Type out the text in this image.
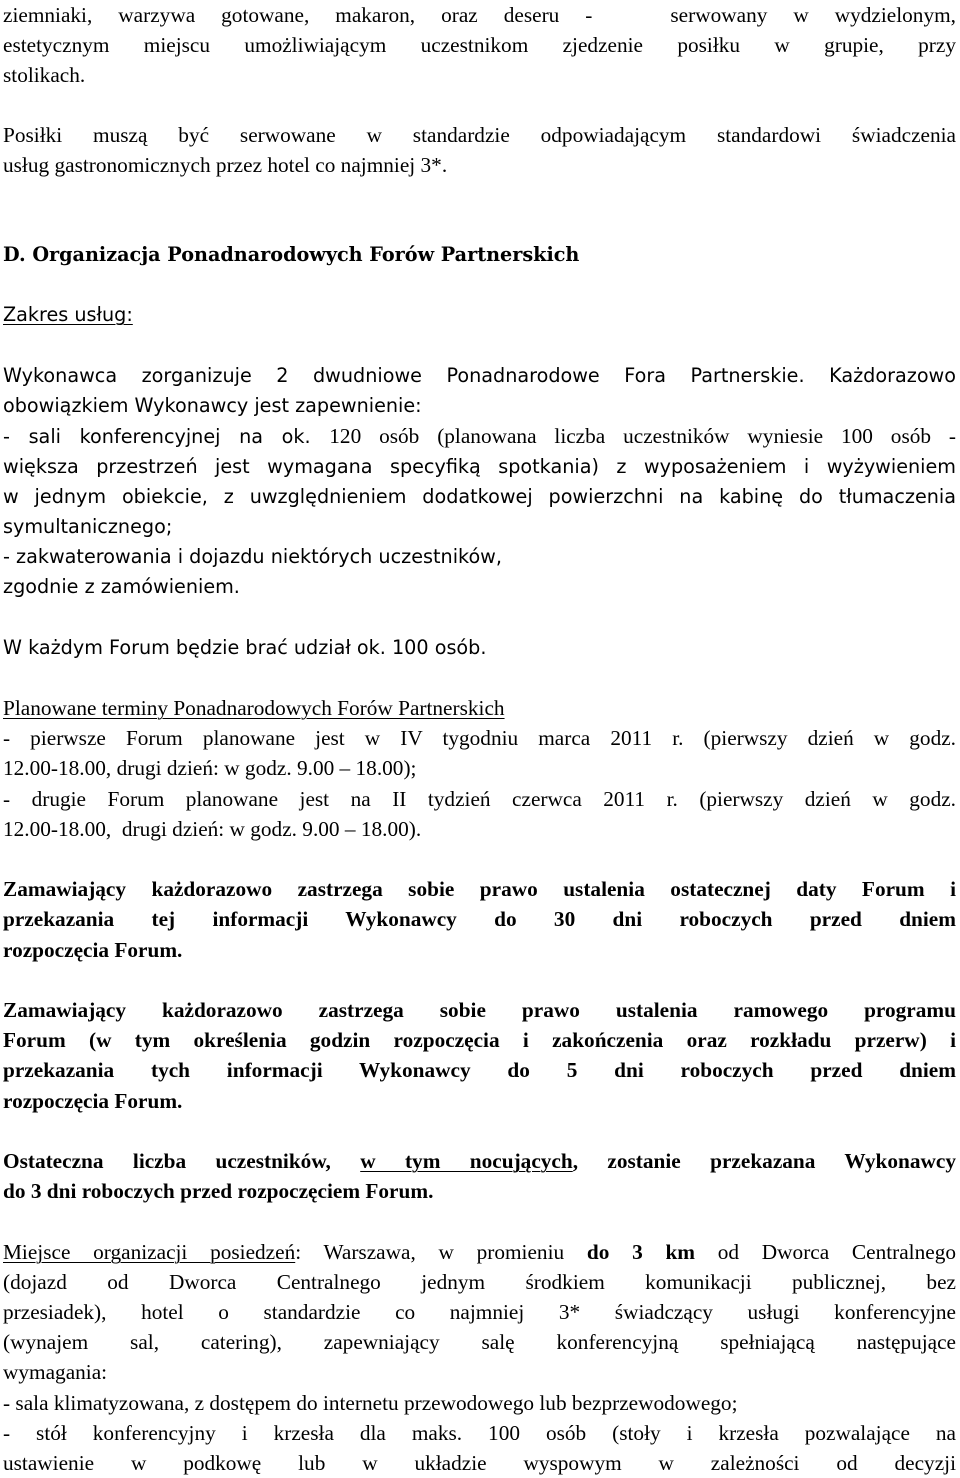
ziemniaki, warzywa gotowane, makaron, oraz deseru -   serwowany w wydzielonym,
estetycznym miejscu umożliwiającym uczestnikom zjedzenie posiłku w grupie, przy
stolikach.
Posiłki muszą być serwowane w standardzie odpowiadającym standardowi świadczenia
usług gastronomicznych przez hotel co najmniej 3*.
D. Organizacja Ponadnarodowych Forów Partnerskich
Zakres usług:
Wykonawca zorganizuje 2 dwudniowe Ponadnarodowe Fora Partnerskie. Każdorazowo
obowiązkiem Wykonawcy jest zapewnienie:
- sali konferencyjnej na ok. 120 osób (planowana liczba uczestników wyniesie 100 osób -
większa przestrzeń jest wymagana specyfiką spotkania) z wyposażeniem i wyżywieniem
w jednym obiekcie, z uwzględnieniem dodatkowej powierzchni na kabinę do tłumaczenia
symultanicznego;
- zakwaterowania i dojazdu niektórych uczestników,
zgodnie z zamówieniem.
W każdym Forum będzie brać udział ok. 100 osób.
Planowane terminy Ponadnarodowych Forów Partnerskich
- pierwsze Forum planowane jest w IV tygodniu marca 2011 r. (pierwszy dzień w godz.
12.00-18.00, drugi dzień: w godz. 9.00 – 18.00);
- drugie Forum planowane jest na II tydzień czerwca 2011 r. (pierwszy dzień w godz.
12.00-18.00,  drugi dzień: w godz. 9.00 – 18.00).
Zamawiający każdorazowo zastrzega sobie prawo ustalenia ostatecznej daty Forum i
przekazania tej informacji Wykonawcy do 30 dni roboczych przed dniem
rozpoczęcia Forum.
Zamawiający każdorazowo zastrzega sobie prawo ustalenia ramowego programu
Forum (w tym określenia godzin rozpoczęcia i zakończenia oraz rozkładu przerw) i
przekazania tych informacji Wykonawcy do 5 dni roboczych przed dniem
rozpoczęcia Forum.
Ostateczna liczba uczestników, w tym nocujących, zostanie przekazana Wykonawcy
do 3 dni roboczych przed rozpoczęciem Forum.
Miejsce organizacji posiedzeń: Warszawa, w promieniu do 3 km od Dworca Centralnego
(dojazd od Dworca Centralnego jednym środkiem komunikacji publicznej, bez
przesiadek), hotel o standardzie co najmniej 3* świadczący usługi konferencyjne
(wynajem sal, catering), zapewniający salę konferencyjną spełniającą następujące
wymagania:
- sala klimatyzowana, z dostępem do internetu przewodowego lub bezprzewodowego;
- stół konferencyjny i krzesła dla maks. 100 osób (stoły i krzesła pozwalające na
ustawienie w podkowę lub w układzie wyspowym w zależności od decyzji
